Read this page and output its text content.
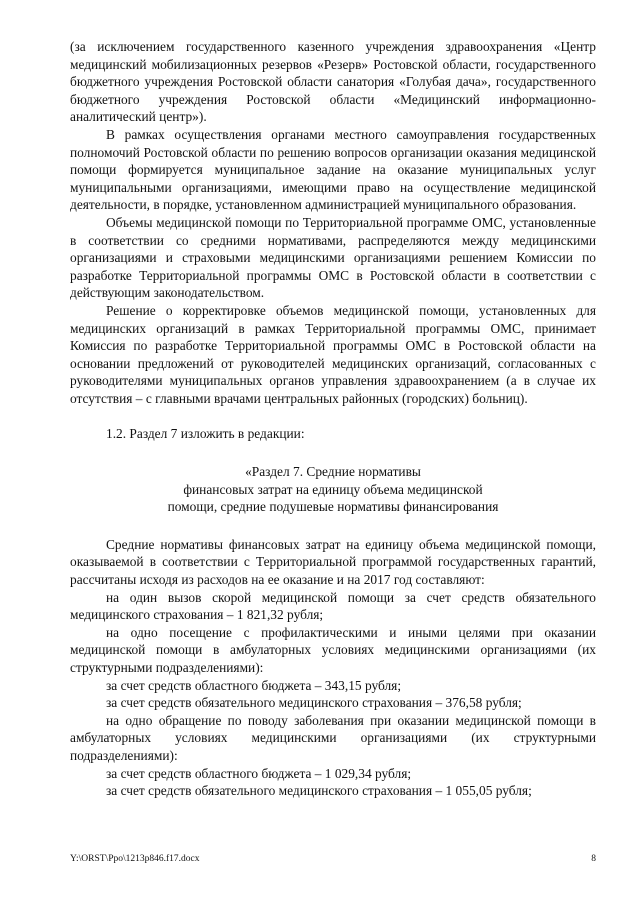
(за исключением государственного казенного учреждения здравоохранения «Центр медицинский мобилизационных резервов «Резерв» Ростовской области, государственного бюджетного учреждения Ростовской области санатория «Голубая дача», государственного бюджетного учреждения Ростовской области «Медицинский информационно-аналитический центр»).

В рамках осуществления органами местного самоуправления государственных полномочий Ростовской области по решению вопросов организации оказания медицинской помощи формируется муниципальное задание на оказание муниципальных услуг муниципальными организациями, имеющими право на осуществление медицинской деятельности, в порядке, установленном администрацией муниципального образования.

Объемы медицинской помощи по Территориальной программе ОМС, установленные в соответствии со средними нормативами, распределяются между медицинскими организациями и страховыми медицинскими организациями решением Комиссии по разработке Территориальной программы ОМС в Ростовской области в соответствии с действующим законодательством.

Решение о корректировке объемов медицинской помощи, установленных для медицинских организаций в рамках Территориальной программы ОМС, принимает Комиссия по разработке Территориальной программы ОМС в Ростовской области на основании предложений от руководителей медицинских организаций, согласованных с руководителями муниципальных органов управления здравоохранением (а в случае их отсутствия – с главными врачами центральных районных (городских) больниц).

1.2. Раздел 7 изложить в редакции:

«Раздел 7. Средние нормативы

финансовых затрат на единицу объема медицинской

помощи, средние подушевые нормативы финансирования

Средние нормативы финансовых затрат на единицу объема медицинской помощи, оказываемой в соответствии с Территориальной программой государственных гарантий, рассчитаны исходя из расходов на ее оказание и на 2017 год составляют:

на один вызов скорой медицинской помощи за счет средств обязательного медицинского страхования – 1 821,32 рубля;

на одно посещение с профилактическими и иными целями при оказании медицинской помощи в амбулаторных условиях медицинскими организациями (их структурными подразделениями):

за счет средств областного бюджета – 343,15 рубля;

за счет средств обязательного медицинского страхования – 376,58 рубля;

на одно обращение по поводу заболевания при оказании медицинской помощи в амбулаторных условиях медицинскими организациями (их структурными подразделениями):

за счет средств областного бюджета – 1 029,34 рубля;

за счет средств обязательного медицинского страхования – 1 055,05 рубля;

Y:\ORST\Ppo\1213p846.f17.docx	8
